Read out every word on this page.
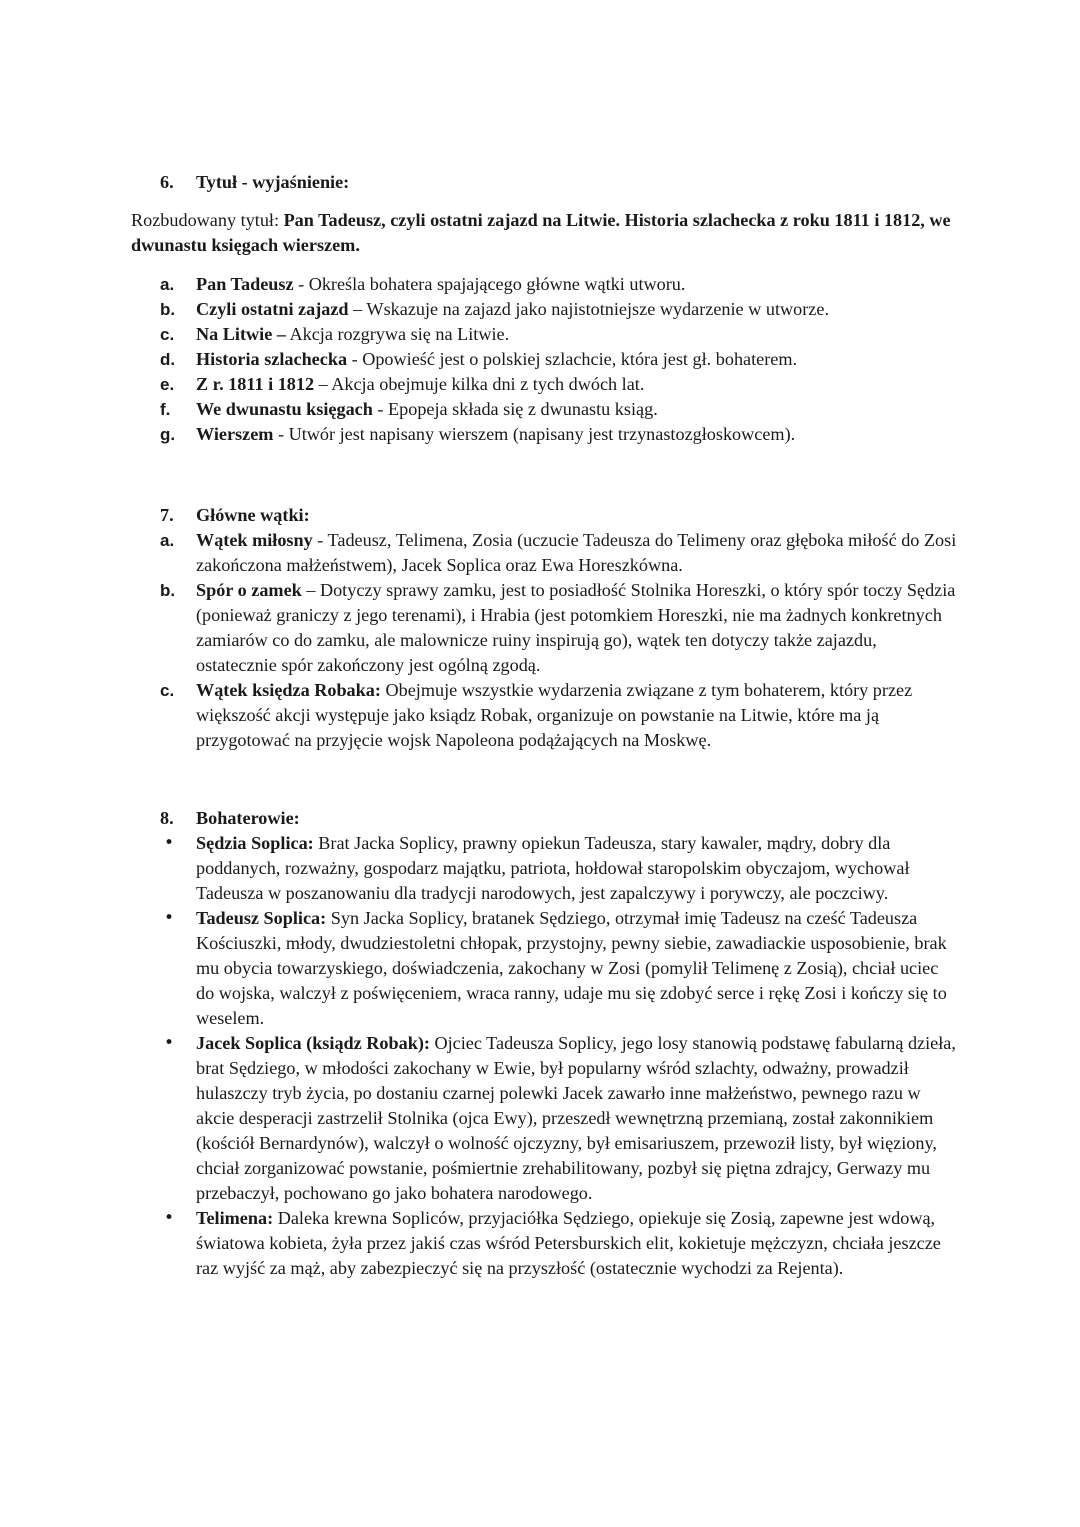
6. Tytuł - wyjaśnienie:
Rozbudowany tytuł: Pan Tadeusz, czyli ostatni zajazd na Litwie. Historia szlachecka z roku 1811 i 1812, we dwunastu księgach wierszem.
a. Pan Tadeusz - Określa bohatera spajającego główne wątki utworu.
b. Czyli ostatni zajazd – Wskazuje na zajazd jako najistotniejsze wydarzenie w utworze.
c. Na Litwie – Akcja rozgrywa się na Litwie.
d. Historia szlachecka - Opowieść jest o polskiej szlachcie, która jest gł. bohaterem.
e. Z r. 1811 i 1812 – Akcja obejmuje kilka dni z tych dwóch lat.
f. We dwunastu księgach - Epopeja składa się z dwunastu ksiąg.
g. Wierszem - Utwór jest napisany wierszem (napisany jest trzynastozgłoskowcem).
7. Główne wątki:
a. Wątek miłosny - Tadeusz, Telimena, Zosia (uczucie Tadeusza do Telimeny oraz głęboka miłość do Zosi zakończona małżeństwem), Jacek Soplica oraz Ewa Horeszkówna.
b. Spór o zamek – Dotyczy sprawy zamku, jest to posiadłość Stolnika Horeszki, o który spór toczy Sędzia (ponieważ graniczy z jego terenami), i Hrabia (jest potomkiem Horeszki, nie ma żadnych konkretnych zamiarów co do zamku, ale malownicze ruiny inspirują go), wątek ten dotyczy także zajazdu, ostatecznie spór zakończony jest ogólną zgodą.
c. Wątek księdza Robaka: Obejmuje wszystkie wydarzenia związane z tym bohaterem, który przez większość akcji występuje jako ksiądz Robak, organizuje on powstanie na Litwie, które ma ją przygotować na przyjęcie wojsk Napoleona podążających na Moskwę.
8. Bohaterowie:
• Sędzia Soplica: Brat Jacka Soplicy, prawny opiekun Tadeusza, stary kawaler, mądry, dobry dla poddanych, rozważny, gospodarz majątku, patriota, hołdował staropolskim obyczajom, wychował Tadeusza w poszanowaniu dla tradycji narodowych, jest zapalczywy i porywczy, ale poczciwy.
• Tadeusz Soplica: Syn Jacka Soplicy, bratanek Sędziego, otrzymał imię Tadeusz na cześć Tadeusza Kościuszki, młody, dwudziestoletni chłopak, przystojny, pewny siebie, zawadiackie usposobienie, brak mu obycia towarzyskiego, doświadczenia, zakochany w Zosi (pomylił Telimenę z Zosią), chciał uciec do wojska, walczył z poświęceniem, wraca ranny, udaje mu się zdobyć serce i rękę Zosi i kończy się to weselem.
• Jacek Soplica (ksiądz Robak): Ojciec Tadeusza Soplicy, jego losy stanowią podstawę fabularną dzieła, brat Sędziego, w młodości zakochany w Ewie, był popularny wśród szlachty, odważny, prowadził hulaszczy tryb życia, po dostaniu czarnej polewki Jacek zawarło inne małżeństwo, pewnego razu w akcie desperacji zastrzelił Stolnika (ojca Ewy), przeszedł wewnętrzną przemianą, został zakonnikiem (kościół Bernardynów), walczył o wolność ojczyzny, był emisariuszem, przewoził listy, był więziony, chciał zorganizować powstanie, pośmiertnie zrehabilitowany, pozbył się piętna zdrajcy, Gerwazy mu przebaczył, pochowano go jako bohatera narodowego.
• Telimena: Daleka krewna Sopliców, przyjaciółka Sędziego, opiekuje się Zosią, zapewne jest wdową, światowa kobieta, żyła przez jakiś czas wśród Petersburskich elit, kokietuje mężczyzn, chciała jeszcze raz wyjść za mąż, aby zabezpieczyć się na przyszłość (ostatecznie wychodzi za Rejenta).
